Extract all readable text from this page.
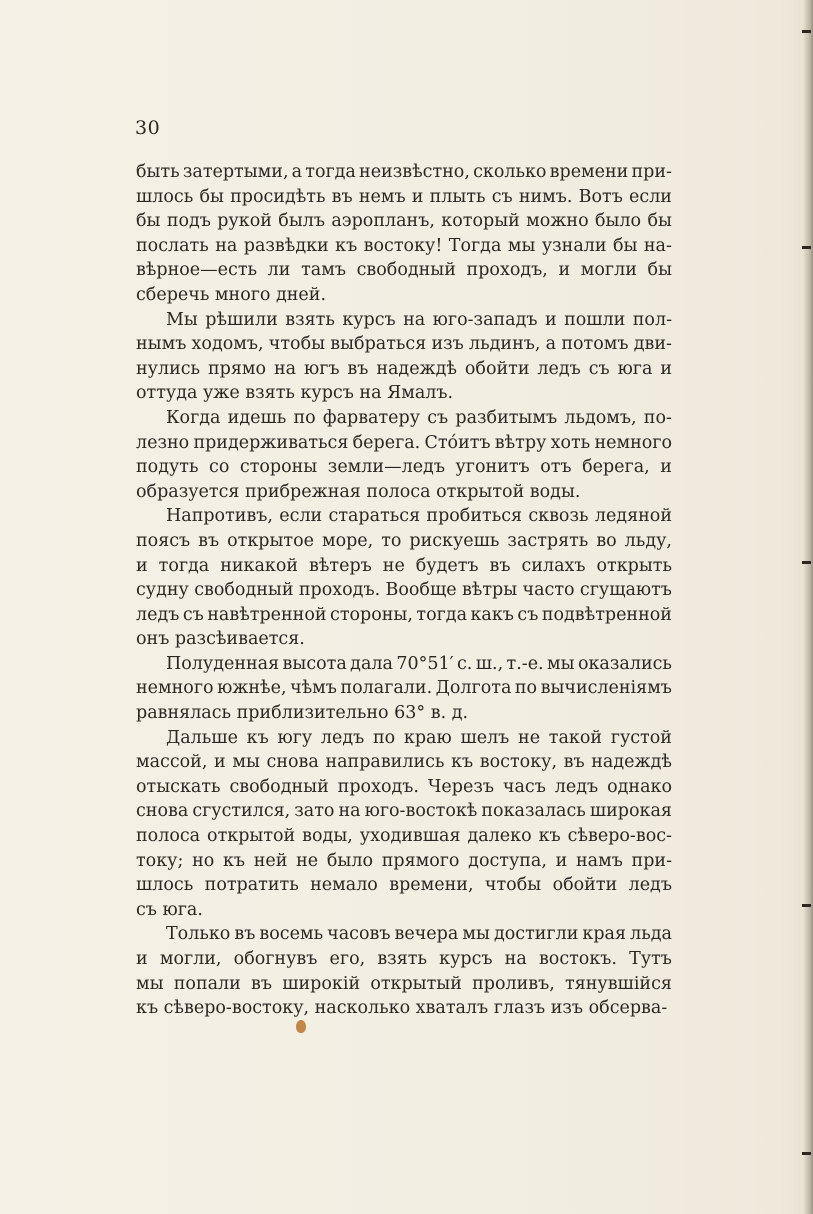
30
быть затертыми, а тогда неизвѣстно, сколько времени при-
шлось бы просидѣть въ немъ и плыть съ нимъ. Вотъ если
бы подъ рукой былъ аэропланъ, который можно было бы
послать на развѣдки къ востоку! Тогда мы узнали бы на-
вѣрное—есть ли тамъ свободный проходъ, и могли бы
сберечь много дней.
Мы рѣшили взять курсъ на юго-западъ и пошли пол-
нымъ ходомъ, чтобы выбраться изъ льдинъ, а потомъ дви-
нулись прямо на югъ въ надеждѣ обойти ледъ съ юга и
оттуда уже взять курсъ на Ямалъ.
Когда идешь по фарватеру съ разбитымъ льдомъ, по-
лезно придерживаться берега. Стóитъ вѣтру хоть немного
подуть со стороны земли—ледъ угонитъ отъ берега, и
образуется прибрежная полоса открытой воды.
Напротивъ, если стараться пробиться сквозь ледяной
поясъ въ открытое море, то рискуешь застрять во льду,
и тогда никакой вѣтеръ не будетъ въ силахъ открыть
судну свободный проходъ. Вообще вѣтры часто сгущаютъ
ледъ съ навѣтренной стороны, тогда какъ съ подвѣтренной
онъ разсѣивается.
Полуденная высота дала 70°51′ с. ш., т.-е. мы оказались
немного южнѣе, чѣмъ полагали. Долгота по вычисленіямъ
равнялась приблизительно 63° в. д.
Дальше къ югу ледъ по краю шелъ не такой густой
массой, и мы снова направились къ востоку, въ надеждѣ
отыскать свободный проходъ. Черезъ часъ ледъ однако
снова сгустился, зато на юго-востокѣ показалась широкая
полоса открытой воды, уходившая далеко къ сѣверо-вос-
току; но къ ней не было прямого доступа, и намъ при-
шлось потратить немало времени, чтобы обойти ледъ
съ юга.
Только въ восемь часовъ вечера мы достигли края льда
и могли, обогнувъ его, взять курсъ на востокъ. Тутъ
мы попали въ широкій открытый проливъ, тянувшійся
къ сѣверо-востоку, насколько хваталъ глазъ изъ обсерва-
